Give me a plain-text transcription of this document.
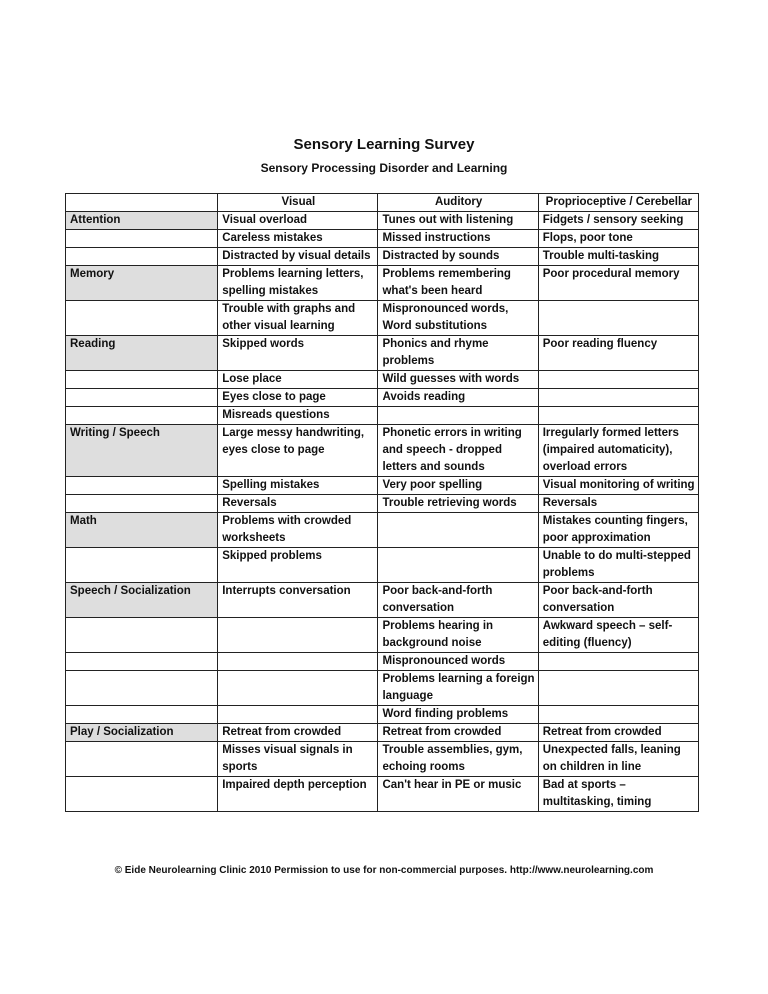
Sensory Learning Survey
Sensory Processing Disorder and Learning
	Visual	Auditory	Proprioceptive / Cerebellar
Attention	Visual overload	Tunes out with listening	Fidgets / sensory seeking
	Careless mistakes	Missed instructions	Flops, poor tone
	Distracted by visual details	Distracted by sounds	Trouble multi-tasking
Memory	Problems learning letters, spelling mistakes	Problems remembering what's been heard	Poor procedural memory
	Trouble with graphs and other visual learning	Mispronounced words, Word substitutions	
Reading	Skipped words	Phonics and rhyme problems	Poor reading fluency
	Lose place	Wild guesses with words	
	Eyes close to page	Avoids reading	
	Misreads questions		
Writing / Speech	Large messy handwriting, eyes close to page	Phonetic errors in writing and speech - dropped letters and sounds	Irregularly formed letters (impaired automaticity), overload errors
	Spelling mistakes	Very poor spelling	Visual monitoring of writing
	Reversals	Trouble retrieving words	Reversals
Math	Problems with crowded worksheets		Mistakes counting fingers, poor approximation
	Skipped problems		Unable to do multi-stepped problems
Speech / Socialization	Interrupts conversation	Poor back-and-forth conversation	Poor back-and-forth conversation
		Problems hearing in background noise	Awkward speech – self-editing (fluency)
		Mispronounced words	
		Problems learning a foreign language	
		Word finding problems	
Play / Socialization	Retreat from crowded	Retreat from crowded	Retreat from crowded
	Misses visual signals in sports	Trouble assemblies, gym, echoing rooms	Unexpected falls, leaning on children in line
	Impaired depth perception	Can't hear in PE or music	Bad at sports – multitasking, timing
© Eide Neurolearning Clinic 2010 Permission to use for non-commercial purposes. http://www.neurolearning.com
